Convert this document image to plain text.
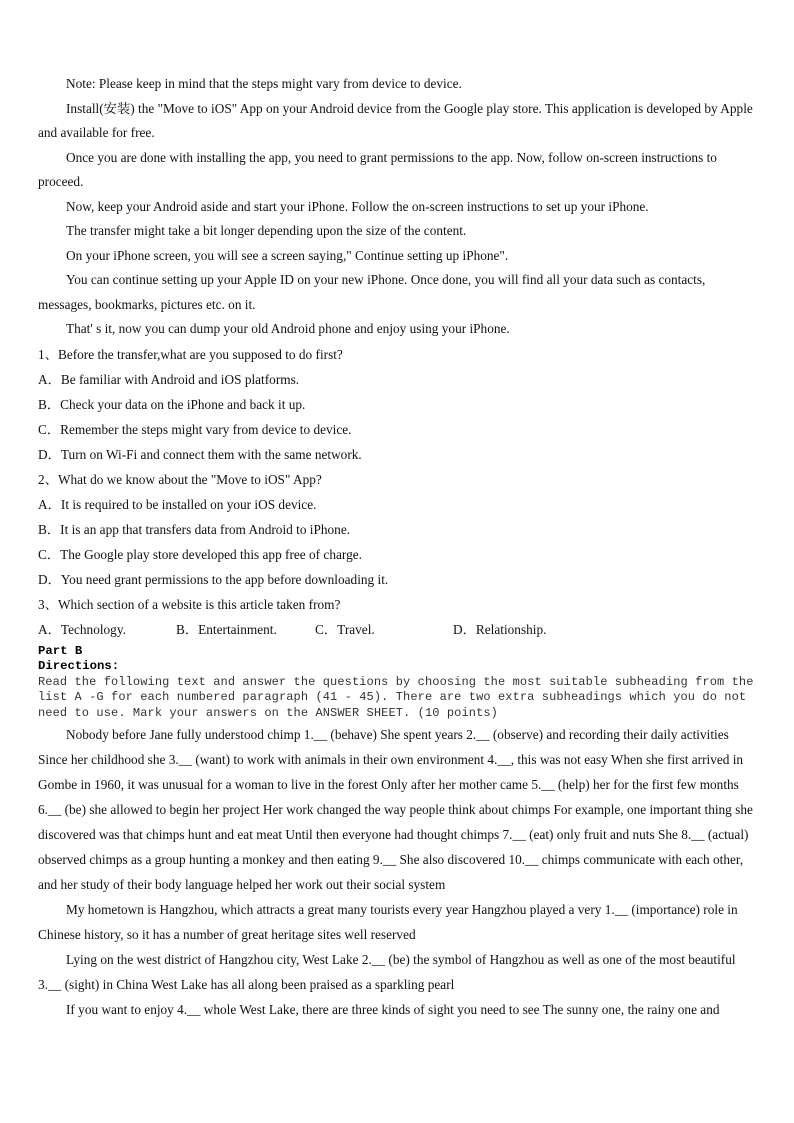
Note: Please keep in mind that the steps might vary from device to device.

Install(安装) the "Move to iOS" App on your Android device from the Google play store. This application is developed by Apple and available for free.

Once you are done with installing the app, you need to grant permissions to the app. Now, follow on-screen instructions to proceed.

Now, keep your Android aside and start your iPhone. Follow the on-screen instructions to set up your iPhone.

The transfer might take a bit longer depending upon the size of the content.

On your iPhone screen, you will see a screen saying," Continue setting up iPhone".

You can continue setting up your Apple ID on your new iPhone. Once done, you will find all your data such as contacts, messages, bookmarks, pictures etc. on it.

That' s it, now you can dump your old Android phone and enjoy using your iPhone.

1、Before the transfer,what are you supposed to do first?

A．Be familiar with Android and iOS platforms.

B．Check your data on the iPhone and back it up.

C．Remember the steps might vary from device to device.

D．Turn on Wi-Fi and connect them with the same network.

2、What do we know about the "Move to iOS" App?

A．It is required to be installed on your iOS device.

B．It is an app that transfers data from Android to iPhone.

C．The Google play store developed this app free of charge.

D．You need grant permissions to the app before downloading it.

3、Which section of a website is this article taken from?

A．Technology.	B．Entertainment.	C．Travel.	D．Relationship.

Part B

Directions:

Read the following text and answer the questions by choosing the most suitable subheading from the list A -G for each numbered paragraph (41 - 45). There are two extra subheadings which you do not need to use. Mark your answers on the ANSWER SHEET. (10 points)

Nobody before Jane fully understood chimp 1.__ (behave) She spent years 2.__ (observe) and recording their daily activities Since her childhood she 3.__ (want) to work with animals in their own environment 4.__, this was not easy When she first arrived in Gombe in 1960, it was unusual for a woman to live in the forest Only after her mother came 5.__ (help) her for the first few months 6.__ (be) she allowed to begin her project Her work changed the way people think about chimps For example, one important thing she discovered was that chimps hunt and eat meat Until then everyone had thought chimps 7.__ (eat) only fruit and nuts She 8.__ (actual) observed chimps as a group hunting a monkey and then eating 9.__ She also discovered 10.__ chimps communicate with each other, and her study of their body language helped her work out their social system

My hometown is Hangzhou, which attracts a great many tourists every year Hangzhou played a very 1.__ (importance) role in Chinese history, so it has a number of great heritage sites well reserved

Lying on the west district of Hangzhou city, West Lake 2.__ (be) the symbol of Hangzhou as well as one of the most beautiful 3.__ (sight) in China West Lake has all along been praised as a sparkling pearl

If you want to enjoy 4.__ whole West Lake, there are three kinds of sight you need to see The sunny one, the rainy one and
